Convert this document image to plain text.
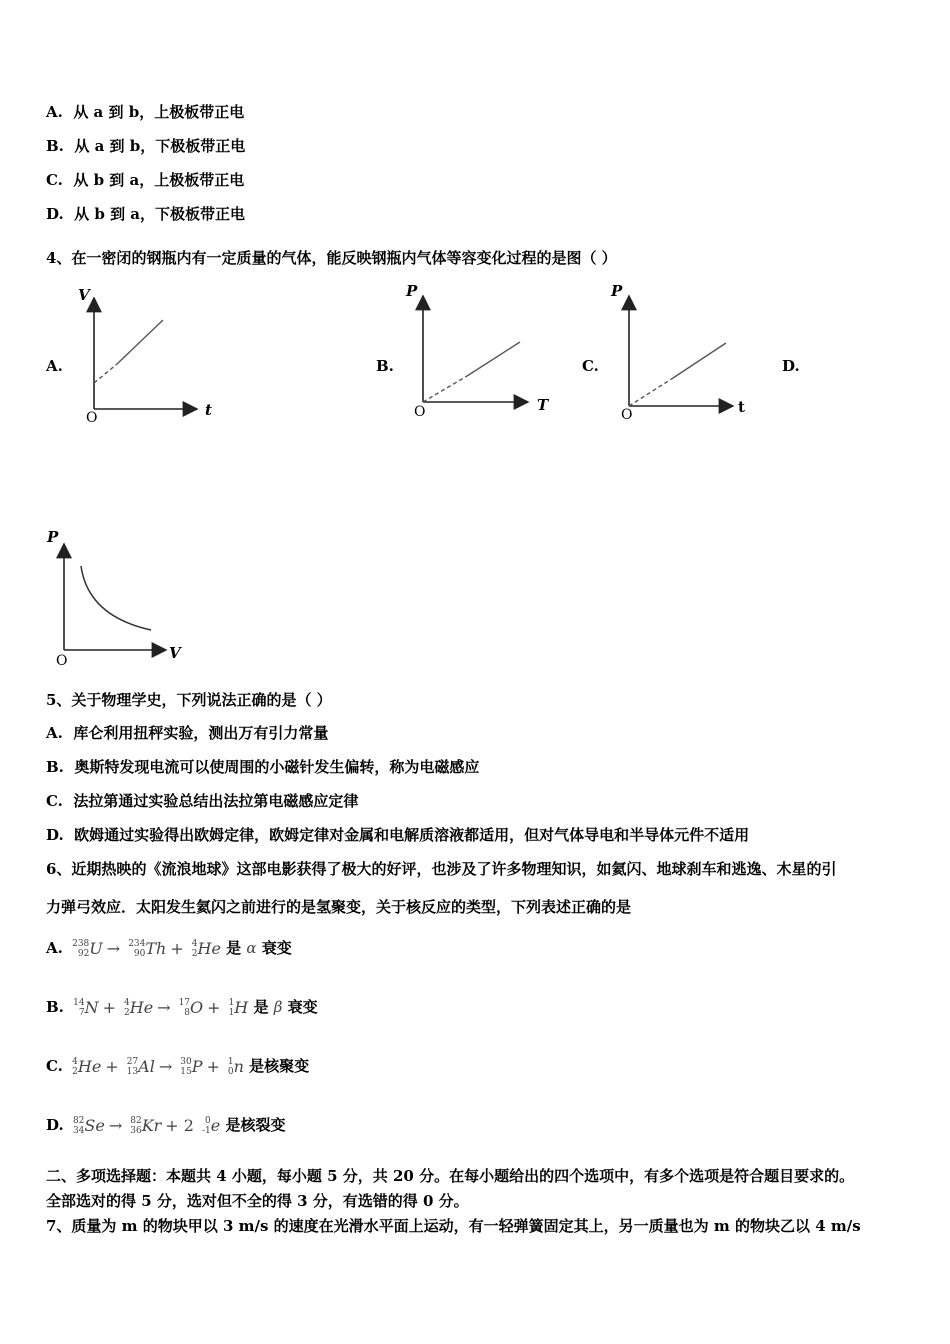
A. 从 a 到 b，上极板带正电
B. 从 a 到 b，下极板带正电
C. 从 b 到 a，上极板带正电
D. 从 b 到 a，下极板带正电
4、在一密闭的钢瓶内有一定质量的气体，能反映钢瓶内气体等容变化过程的是图（ ）
A.	B.	C.	D.
V
t
O
P
T
O
P
t
O
P
V
O
5、关于物理学史，下列说法正确的是（ ）
A. 库仑利用扭秤实验，测出万有引力常量
B. 奥斯特发现电流可以使周围的小磁针发生偏转，称为电磁感应
C. 法拉第通过实验总结出法拉第电磁感应定律
D. 欧姆通过实验得出欧姆定律，欧姆定律对金属和电解质溶液都适用，但对气体导电和半导体元件不适用
6、近期热映的《流浪地球》这部电影获得了极大的好评，也涉及了许多物理知识，如氦闪、地球刹车和逃逸、木星的引
力弹弓效应．太阳发生氦闪之前进行的是氢聚变，关于核反应的类型，下列表述正确的是
A. 238
92 U → 234
90 Th + 4
2 He 是 α 衰变
B. 14
7 N + 4
2 He → 17
8 O + 1
1 H 是 β 衰变
C. 4
2 He + 27
13 Al → 30
15 P + 1
0 n 是核聚变
D. 82
34 Se → 82
36 Kr + 2	0
-1 e 是核裂变
二、多项选择题：本题共 4 小题，每小题 5 分，共 20 分。在每小题给出的四个选项中，有多个选项是符合题目要求的。
全部选对的得 5 分，选对但不全的得 3 分，有选错的得 0 分。
7、质量为 m 的物块甲以 3 m/s 的速度在光滑水平面上运动，有一轻弹簧固定其上，另一质量也为 m 的物块乙以 4 m/s
